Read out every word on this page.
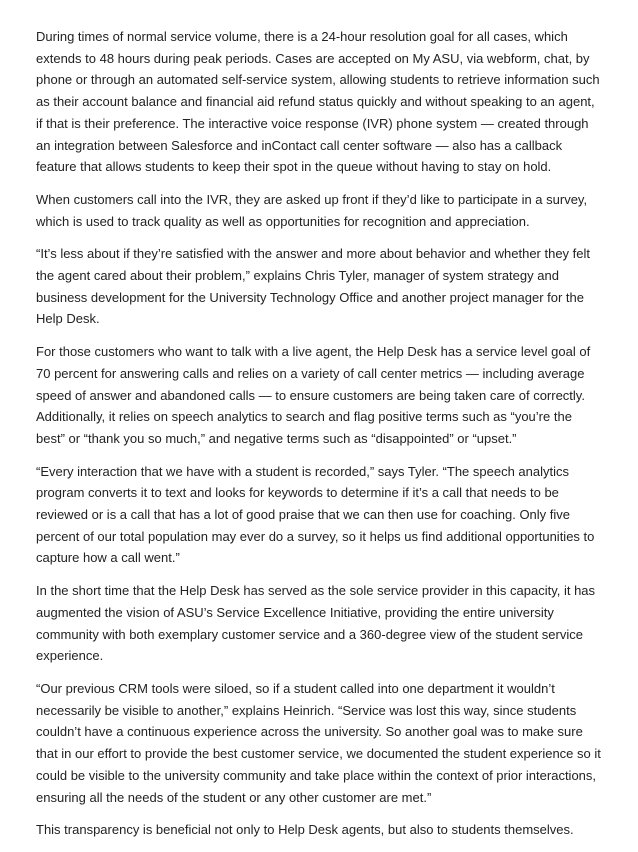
During times of normal service volume, there is a 24-hour resolution goal for all cases, which extends to 48 hours during peak periods. Cases are accepted on My ASU, via webform, chat, by phone or through an automated self-service system, allowing students to retrieve information such as their account balance and financial aid refund status quickly and without speaking to an agent, if that is their preference. The interactive voice response (IVR) phone system — created through an integration between Salesforce and inContact call center software — also has a callback feature that allows students to keep their spot in the queue without having to stay on hold.

When customers call into the IVR, they are asked up front if they’d like to participate in a survey, which is used to track quality as well as opportunities for recognition and appreciation.

“It’s less about if they’re satisfied with the answer and more about behavior and whether they felt the agent cared about their problem,” explains Chris Tyler, manager of system strategy and business development for the University Technology Office and another project manager for the Help Desk.

For those customers who want to talk with a live agent, the Help Desk has a service level goal of 70 percent for answering calls and relies on a variety of call center metrics — including average speed of answer and abandoned calls — to ensure customers are being taken care of correctly. Additionally, it relies on speech analytics to search and flag positive terms such as “you’re the best” or “thank you so much,” and negative terms such as “disappointed” or “upset.”

“Every interaction that we have with a student is recorded,” says Tyler. “The speech analytics program converts it to text and looks for keywords to determine if it’s a call that needs to be reviewed or is a call that has a lot of good praise that we can then use for coaching. Only five percent of our total population may ever do a survey, so it helps us find additional opportunities to capture how a call went.”

In the short time that the Help Desk has served as the sole service provider in this capacity, it has augmented the vision of ASU’s Service Excellence Initiative, providing the entire university community with both exemplary customer service and a 360-degree view of the student service experience.

“Our previous CRM tools were siloed, so if a student called into one department it wouldn’t necessarily be visible to another,” explains Heinrich. “Service was lost this way, since students couldn’t have a continuous experience across the university. So another goal was to make sure that in our effort to provide the best customer service, we documented the student experience so it could be visible to the university community and take place within the context of prior interactions, ensuring all the needs of the student or any other customer are met.”

This transparency is beneficial not only to Help Desk agents, but also to students themselves.
